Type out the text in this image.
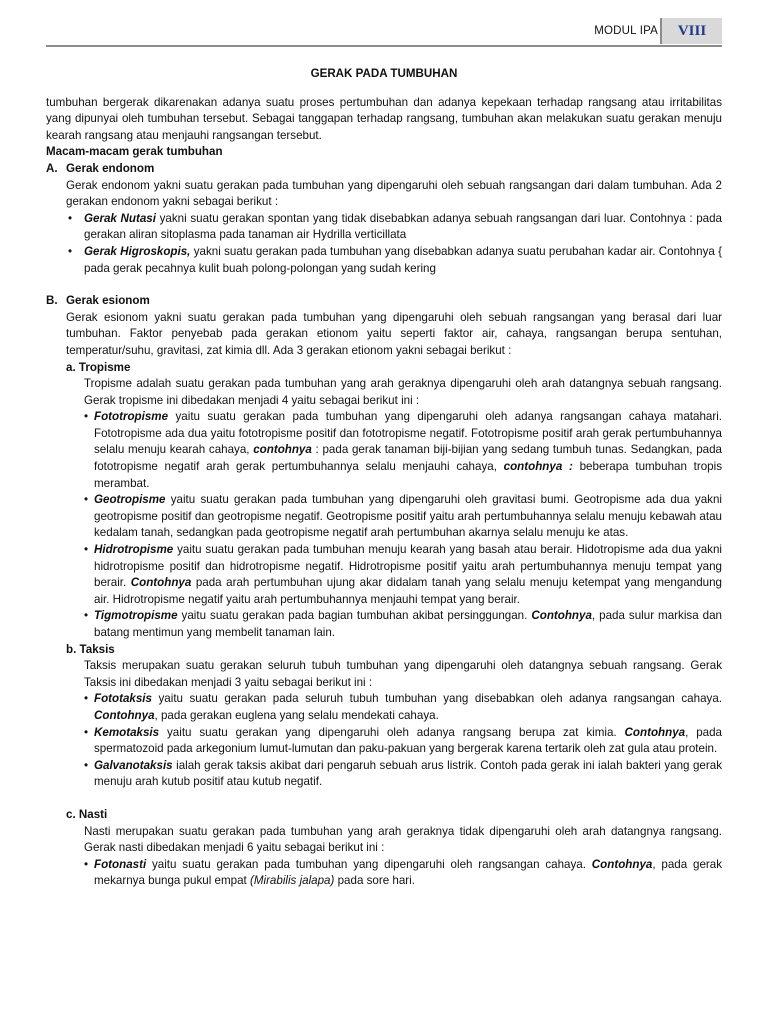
MODUL IPA	VIII
GERAK PADA TUMBUHAN

tumbuhan bergerak dikarenakan adanya suatu proses pertumbuhan dan adanya kepekaan terhadap rangsang atau irritabilitas yang dipunyai oleh tumbuhan tersebut. Sebagai tanggapan terhadap rangsang, tumbuhan akan melakukan suatu gerakan menuju kearah rangsang atau menjauhi rangsangan tersebut.

Macam-macam gerak tumbuhan
A. Gerak endonom

Gerak endonom yakni suatu gerakan pada tumbuhan yang dipengaruhi oleh sebuah rangsangan dari dalam tumbuhan. Ada 2 gerakan endonom yakni sebagai berikut :

• Gerak Nutasi yakni suatu gerakan spontan yang tidak disebabkan adanya sebuah rangsangan dari luar. Contohnya : pada gerakan aliran sitoplasma pada tanaman air Hydrilla verticillata
• Gerak Higroskopis, yakni suatu gerakan pada tumbuhan yang disebabkan adanya suatu perubahan kadar air. Contohnya { pada gerak pecahnya kulit buah polong-polongan yang sudah kering
B. Gerak esionom

Gerak esionom yakni suatu gerakan pada tumbuhan yang dipengaruhi oleh sebuah rangsangan yang berasal dari luar tumbuhan. Faktor penyebab pada gerakan etionom yaitu seperti faktor air, cahaya, rangsangan berupa sentuhan, temperatur/suhu, gravitasi, zat kimia dll. Ada 3 gerakan etionom yakni sebagai berikut :

a. Tropisme

Tropisme adalah suatu gerakan pada tumbuhan yang arah geraknya dipengaruhi oleh arah datangnya sebuah rangsang. Gerak tropisme ini dibedakan menjadi 4 yaitu sebagai berikut ini :

• Fototropisme yaitu suatu gerakan pada tumbuhan yang dipengaruhi oleh adanya rangsangan cahaya matahari. Fototropisme ada dua yaitu fototropisme positif dan fototropisme negatif. Fototropisme positif arah gerak pertumbuhannya selalu menuju kearah cahaya, contohnya : pada gerak tanaman biji-bijian yang sedang tumbuh tunas. Sedangkan, pada fototropisme negatif arah gerak pertumbuhannya selalu menjauhi cahaya, contohnya : beberapa tumbuhan tropis merambat.
• Geotropisme yaitu suatu gerakan pada tumbuhan yang dipengaruhi oleh gravitasi bumi. Geotropisme ada dua yakni geotropisme positif dan geotropisme negatif. Geotropisme positif yaitu arah pertumbuhannya selalu menuju kebawah atau kedalam tanah, sedangkan pada geotropisme negatif arah pertumbuhan akarnya selalu menuju ke atas.
• Hidrotropisme yaitu suatu gerakan pada tumbuhan menuju kearah yang basah atau berair. Hidotropisme ada dua yakni hidrotropisme positif dan hidrotropisme negatif. Hidrotropisme positif yaitu arah pertumbuhannya menuju tempat yang berair. Contohnya pada arah pertumbuhan ujung akar didalam tanah yang selalu menuju ketempat yang mengandung air. Hidrotropisme negatif yaitu arah pertumbuhannya menjauhi tempat yang berair.
• Tigmotropisme yaitu suatu gerakan pada bagian tumbuhan akibat persinggungan. Contohnya, pada sulur markisa dan batang mentimun yang membelit tanaman lain.
b. Taksis

Taksis merupakan suatu gerakan seluruh tubuh tumbuhan yang dipengaruhi oleh datangnya sebuah rangsang. Gerak Taksis ini dibedakan menjadi 3 yaitu sebagai berikut ini :

• Fototaksis yaitu suatu gerakan pada seluruh tubuh tumbuhan yang disebabkan oleh adanya rangsangan cahaya. Contohnya, pada gerakan euglena yang selalu mendekati cahaya.
• Kemotaksis yaitu suatu gerakan yang dipengaruhi oleh adanya rangsang berupa zat kimia. Contohnya, pada spermatozoid pada arkegonium lumut-lumutan dan paku-pakuan yang bergerak karena tertarik oleh zat gula atau protein.
• Galvanotaksis ialah gerak taksis akibat dari pengaruh sebuah arus listrik. Contoh pada gerak ini ialah bakteri yang gerak menuju arah kutub positif atau kutub negatif.
c. Nasti

Nasti merupakan suatu gerakan pada tumbuhan yang arah geraknya tidak dipengaruhi oleh arah datangnya rangsang. Gerak nasti dibedakan menjadi 6 yaitu sebagai berikut ini :

• Fotonasti yaitu suatu gerakan pada tumbuhan yang dipengaruhi oleh rangsangan cahaya. Contohnya, pada gerak mekarnya bunga pukul empat (Mirabilis jalapa) pada sore hari.
